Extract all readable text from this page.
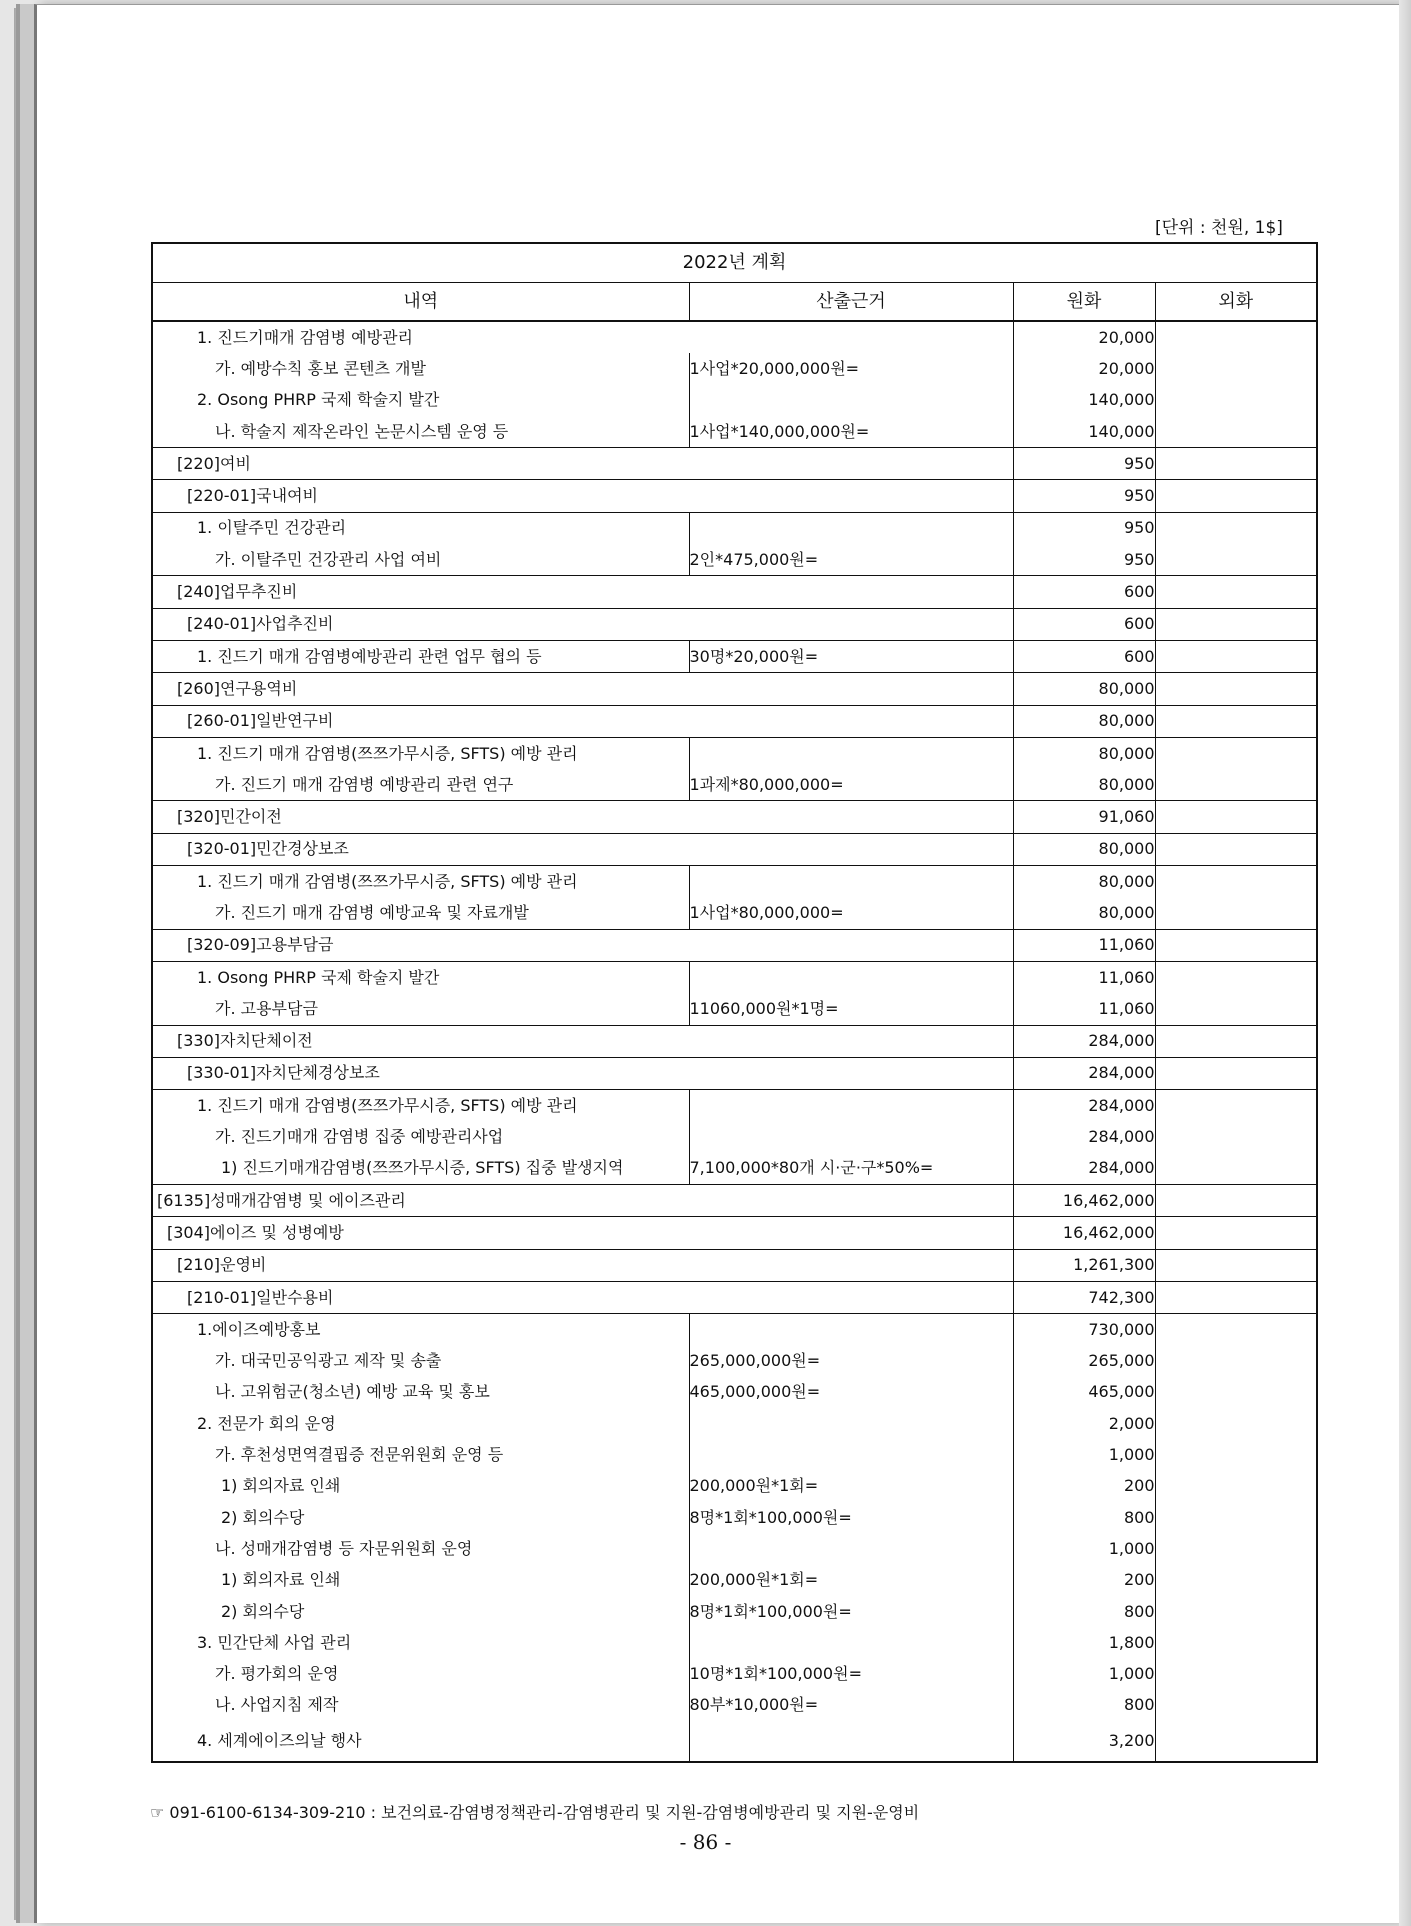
[단위 : 천원, 1$]
2022년 계획			
내역	산출근거	원화	외화
1. 진드기매개 감염병 예방관리		20,000	
가. 예방수칙 홍보 콘텐츠 개발	1사업*20,000,000원=	20,000	
2. Osong PHRP 국제 학술지 발간		140,000	
나. 학술지 제작온라인 논문시스템 운영 등	1사업*140,000,000원=	140,000	
[220]여비		950	
[220-01]국내여비		950	
1. 이탈주민 건강관리		950	
가. 이탈주민 건강관리 사업 여비	2인*475,000원=	950	
[240]업무추진비		600	
[240-01]사업추진비		600	
1. 진드기 매개 감염병예방관리 관련 업무 협의 등	30명*20,000원=	600	
[260]연구용역비		80,000	
[260-01]일반연구비		80,000	
1. 진드기 매개 감염병(쯔쯔가무시증, SFTS) 예방 관리		80,000	
가. 진드기 매개 감염병 예방관리 관련 연구	1과제*80,000,000=	80,000	
[320]민간이전		91,060	
[320-01]민간경상보조		80,000	
1. 진드기 매개 감염병(쯔쯔가무시증, SFTS) 예방 관리		80,000	
가. 진드기 매개 감염병 예방교육 및 자료개발	1사업*80,000,000=	80,000	
[320-09]고용부담금		11,060	
1. Osong PHRP 국제 학술지 발간		11,060	
가. 고용부담금	11060,000원*1명=	11,060	
[330]자치단체이전		284,000	
[330-01]자치단체경상보조		284,000	
1. 진드기 매개 감염병(쯔쯔가무시증, SFTS) 예방 관리		284,000	
가. 진드기매개 감염병 집중 예방관리사업		284,000	
1) 진드기매개감염병(쯔쯔가무시증, SFTS) 집중 발생지역	7,100,000*80개 시·군·구*50%=	284,000	
[6135]성매개감염병 및 에이즈관리		16,462,000	
[304]에이즈 및 성병예방		16,462,000	
[210]운영비		1,261,300	
[210-01]일반수용비		742,300	
1.에이즈예방홍보		730,000	
가. 대국민공익광고 제작 및 송출	265,000,000원=	265,000	
나. 고위험군(청소년) 예방 교육 및 홍보	465,000,000원=	465,000	
2. 전문가 회의 운영		2,000	
가. 후천성면역결핍증 전문위원회 운영 등		1,000	
1) 회의자료 인쇄	200,000원*1회=	200	
2) 회의수당	8명*1회*100,000원=	800	
나. 성매개감염병 등 자문위원회 운영		1,000	
1) 회의자료 인쇄	200,000원*1회=	200	
2) 회의수당	8명*1회*100,000원=	800	
3. 민간단체 사업 관리		1,800	
가. 평가회의 운영	10명*1회*100,000원=	1,000	
나. 사업지침 제작	80부*10,000원=	800	
4. 세계에이즈의날 행사		3,200	
☞ 091-6100-6134-309-210 : 보건의료-감염병정책관리-감염병관리 및 지원-감염병예방관리 및 지원-운영비
- 86 -
